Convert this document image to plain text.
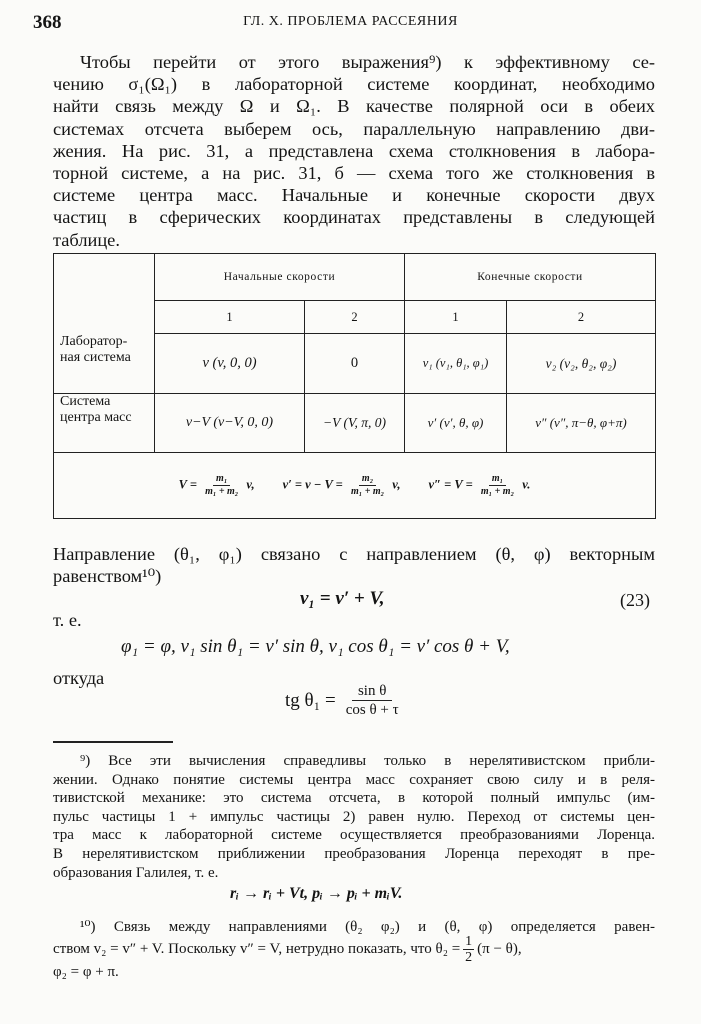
368	ГЛ. X. ПРОБЛЕМА РАССЕЯНИЯ
Чтобы перейти от этого выражения⁹) к эффективному се-
чению σ₁(Ω₁) в лабораторной системе координат, необходимо
найти связь между Ω и Ω₁. В качестве полярной оси в обеих
системах отсчета выберем ось, параллельную направлению дви-
жения. На рис. 31, а представлена схема столкновения в лабора-
торной системе, а на рис. 31, б — схема того же столкновения в
системе центра масс. Начальные и конечные скорости двух
частиц в сферических координатах представлены в следующей
таблице.
Начальные скорости	Конечные скорости
1	2	1	2
Лаборатор-
ная система	v (v, 0, 0)	0	v₁ (v₁, θ₁, φ₁)	v₂ (v₂, θ₂, φ₂)
Система
центра масс	v−V (v−V, 0, 0)	−V (V, π, 0)	v′ (v′, θ, φ)	v″ (v″, π−θ, φ+π)
$V = \frac{\text{m₁}}{\text{m₁ + m₂}} v$, $v' = v - V = \frac{\text{m₂}}{\text{m₁ + m₂}} v$, $v'' = V = \frac{\text{m₁}}{\text{m₁ + m₂}} v$.
Направление (θ₁, φ₁) связано с направлением (θ, φ) векторным
равенством¹⁰)
v₁ = v′ + V,	(23)
т. е.
φ₁ = φ, v₁ sin θ₁ = v′ sin θ, v₁ cos θ₁ = v′ cos θ + V,
откуда
tg $\theta_1 = \frac{\text{sin θ}}{\text{cos θ + τ}}$
⁹) Все эти вычисления справедливы только в нерелятивистском прибли-
жении. Однако понятие системы центра масс сохраняет свою силу и в реля-
тивистской механике: это система отсчета, в которой полный импульс (им-
пульс частицы 1 + импульс частицы 2) равен нулю. Переход от системы цен-
тра масс к лабораторной системе осуществляется преобразованиями Лоренца.
В нерелятивистском приближении преобразования Лоренца переходят в пре-
образования Галилея, т. е.
rᵢ → rᵢ + Vt, pᵢ → pᵢ + mᵢV.
¹⁰) Связь между направлениями (θ₂ φ₂) и (θ, φ) определяется равен-
ством v₂ = v″ + V. Поскольку v″ = V, нетрудно показать, что $\theta_2 = \frac{1}{2} (\pi - \theta)$,
φ₂ = φ + π.
